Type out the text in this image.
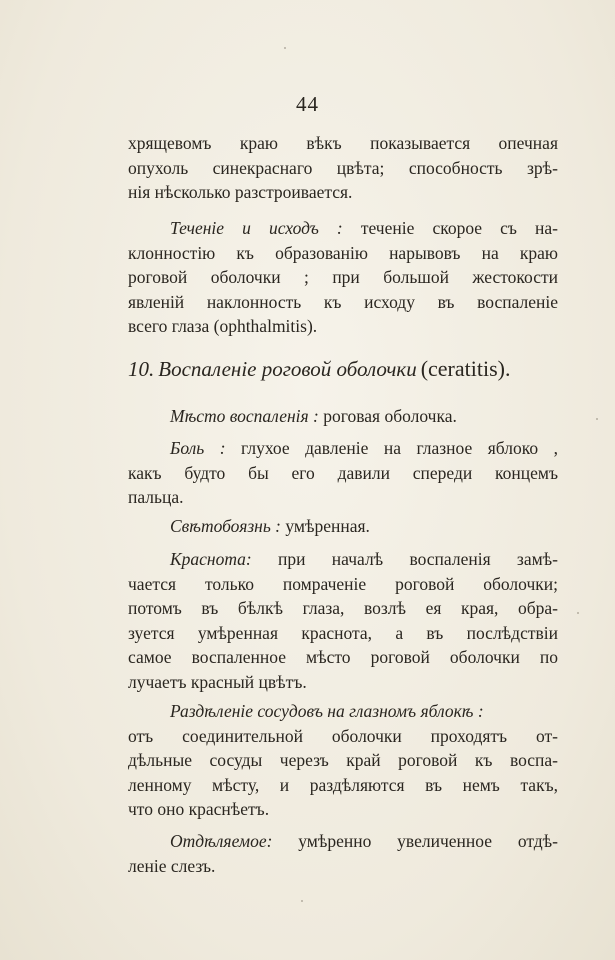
44
хрящевомъ краю вѣкъ показывается опечная
опухоль синекраснаго цвѣта; способность зрѣ-
нія нѣсколько разстроивается.
Теченіе и исходъ : теченіе скорое съ на-
клонностію къ образованію нарывовъ на краю
роговой оболочки ; при большой жестокости
явленій наклонность къ исходу въ воспаленіе
всего глаза (ophthalmitis).
10. Воспаленіе роговой оболочки (ceratitis).
Мѣсто воспаленія : роговая оболочка.
Боль : глухое давленіе на глазное яблоко ,
какъ будто бы его давили спереди концемъ
пальца.
Свѣтобоязнь : умѣренная.
Краснота: при началѣ воспаленія замѣ-
чается только помраченіе роговой оболочки;
потомъ въ бѣлкѣ глаза, возлѣ ея края, обра-
зуется умѣренная краснота, а въ послѣдствіи
самое воспаленное мѣсто роговой оболочки по
лучаетъ красный цвѣтъ.
Раздѣленіе сосудовъ на глазномъ яблокѣ :
отъ соединительной оболочки проходятъ от-
дѣльные сосуды черезъ край роговой къ воспа-
ленному мѣсту, и раздѣляются въ немъ такъ,
что оно краснѣетъ.
Отдѣляемое: умѣренно увеличенное отдѣ-
леніе слезъ.
